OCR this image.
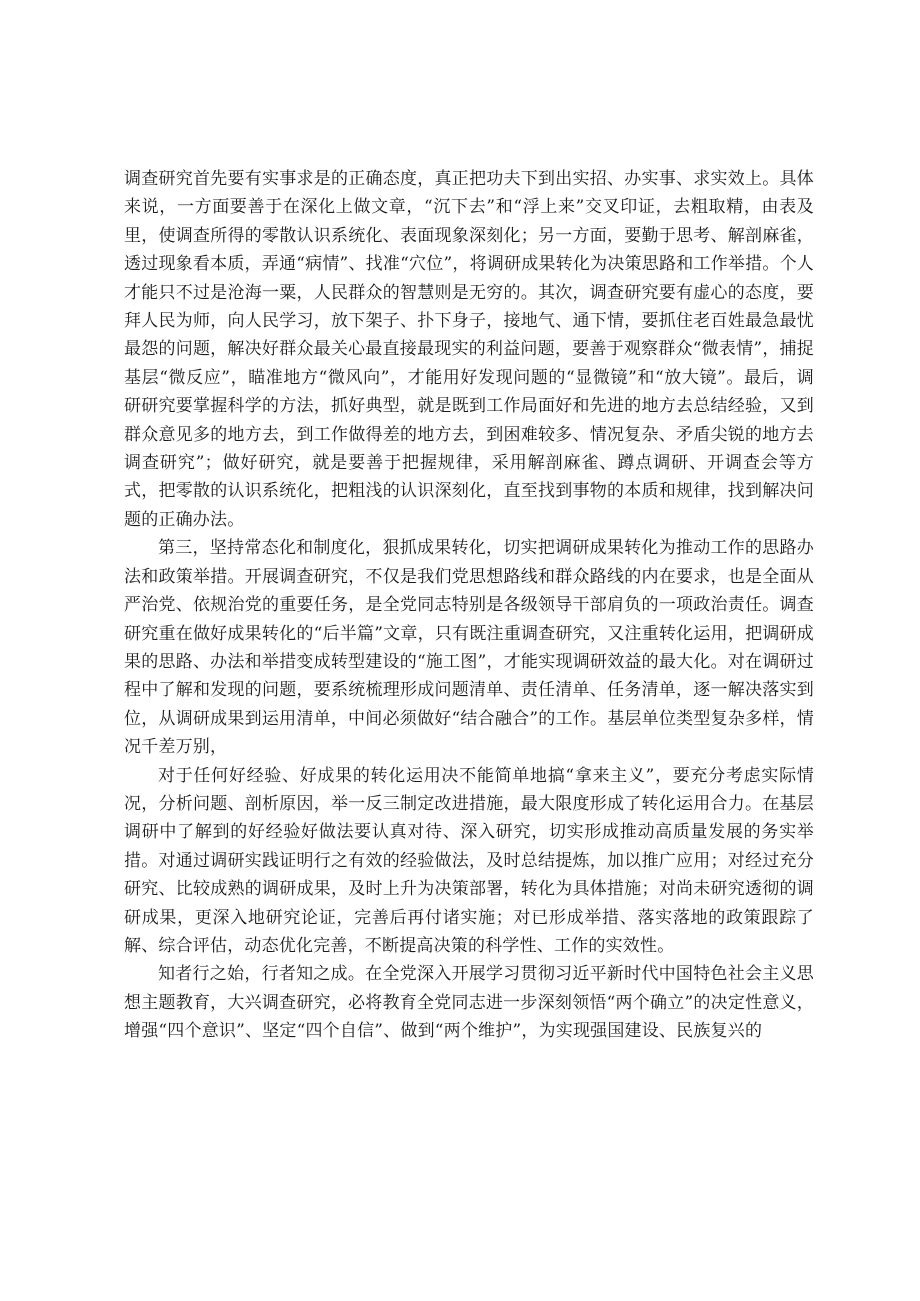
调查研究首先要有实事求是的正确态度，真正把功夫下到出实招、办实事、求实效上。具体来说，一方面要善于在深化上做文章，“沉下去”和“浮上来”交叉印证，去粗取精，由表及里，使调查所得的零散认识系统化、表面现象深刻化；另一方面，要勤于思考、解剖麻雀，透过现象看本质，弄通“病情”、找准“穴位”，将调研成果转化为决策思路和工作举措。个人才能只不过是沧海一粟，人民群众的智慧则是无穷的。其次，调查研究要有虚心的态度，要拜人民为师，向人民学习，放下架子、扑下身子，接地气、通下情，要抓住老百姓最急最忧最怨的问题，解决好群众最关心最直接最现实的利益问题，要善于观察群众“微表情”，捕捉基层“微反应”，瞄准地方“微风向”，才能用好发现问题的“显微镜”和“放大镜”。最后，调研研究要掌握科学的方法，抓好典型，就是既到工作局面好和先进的地方去总结经验，又到群众意见多的地方去，到工作做得差的地方去，到困难较多、情况复杂、矛盾尖锐的地方去调查研究”；做好研究，就是要善于把握规律，采用解剖麻雀、蹲点调研、开调查会等方式，把零散的认识系统化，把粗浅的认识深刻化，直至找到事物的本质和规律，找到解决问题的正确办法。

第三，坚持常态化和制度化，狠抓成果转化，切实把调研成果转化为推动工作的思路办法和政策举措。开展调查研究，不仅是我们党思想路线和群众路线的内在要求，也是全面从严治党、依规治党的重要任务，是全党同志特别是各级领导干部肩负的一项政治责任。调查研究重在做好成果转化的“后半篇”文章，只有既注重调查研究，又注重转化运用，把调研成果的思路、办法和举措变成转型建设的“施工图”，才能实现调研效益的最大化。对在调研过程中了解和发现的问题，要系统梳理形成问题清单、责任清单、任务清单，逐一解决落实到位，从调研成果到运用清单，中间必须做好“结合融合”的工作。基层单位类型复杂多样，情况千差万别，

对于任何好经验、好成果的转化运用决不能简单地搞“拿来主义”，要充分考虑实际情况，分析问题、剖析原因，举一反三制定改进措施，最大限度形成了转化运用合力。在基层调研中了解到的好经验好做法要认真对待、深入研究，切实形成推动高质量发展的务实举措。对通过调研实践证明行之有效的经验做法，及时总结提炼，加以推广应用；对经过充分研究、比较成熟的调研成果，及时上升为决策部署，转化为具体措施；对尚未研究透彻的调研成果，更深入地研究论证，完善后再付诸实施；对已形成举措、落实落地的政策跟踪了解、综合评估，动态优化完善，不断提高决策的科学性、工作的实效性。

知者行之始，行者知之成。在全党深入开展学习贯彻习近平新时代中国特色社会主义思想主题教育，大兴调查研究，必将教育全党同志进一步深刻领悟“两个确立”的决定性意义，增强“四个意识”、坚定“四个自信”、做到“两个维护”，为实现强国建设、民族复兴的
